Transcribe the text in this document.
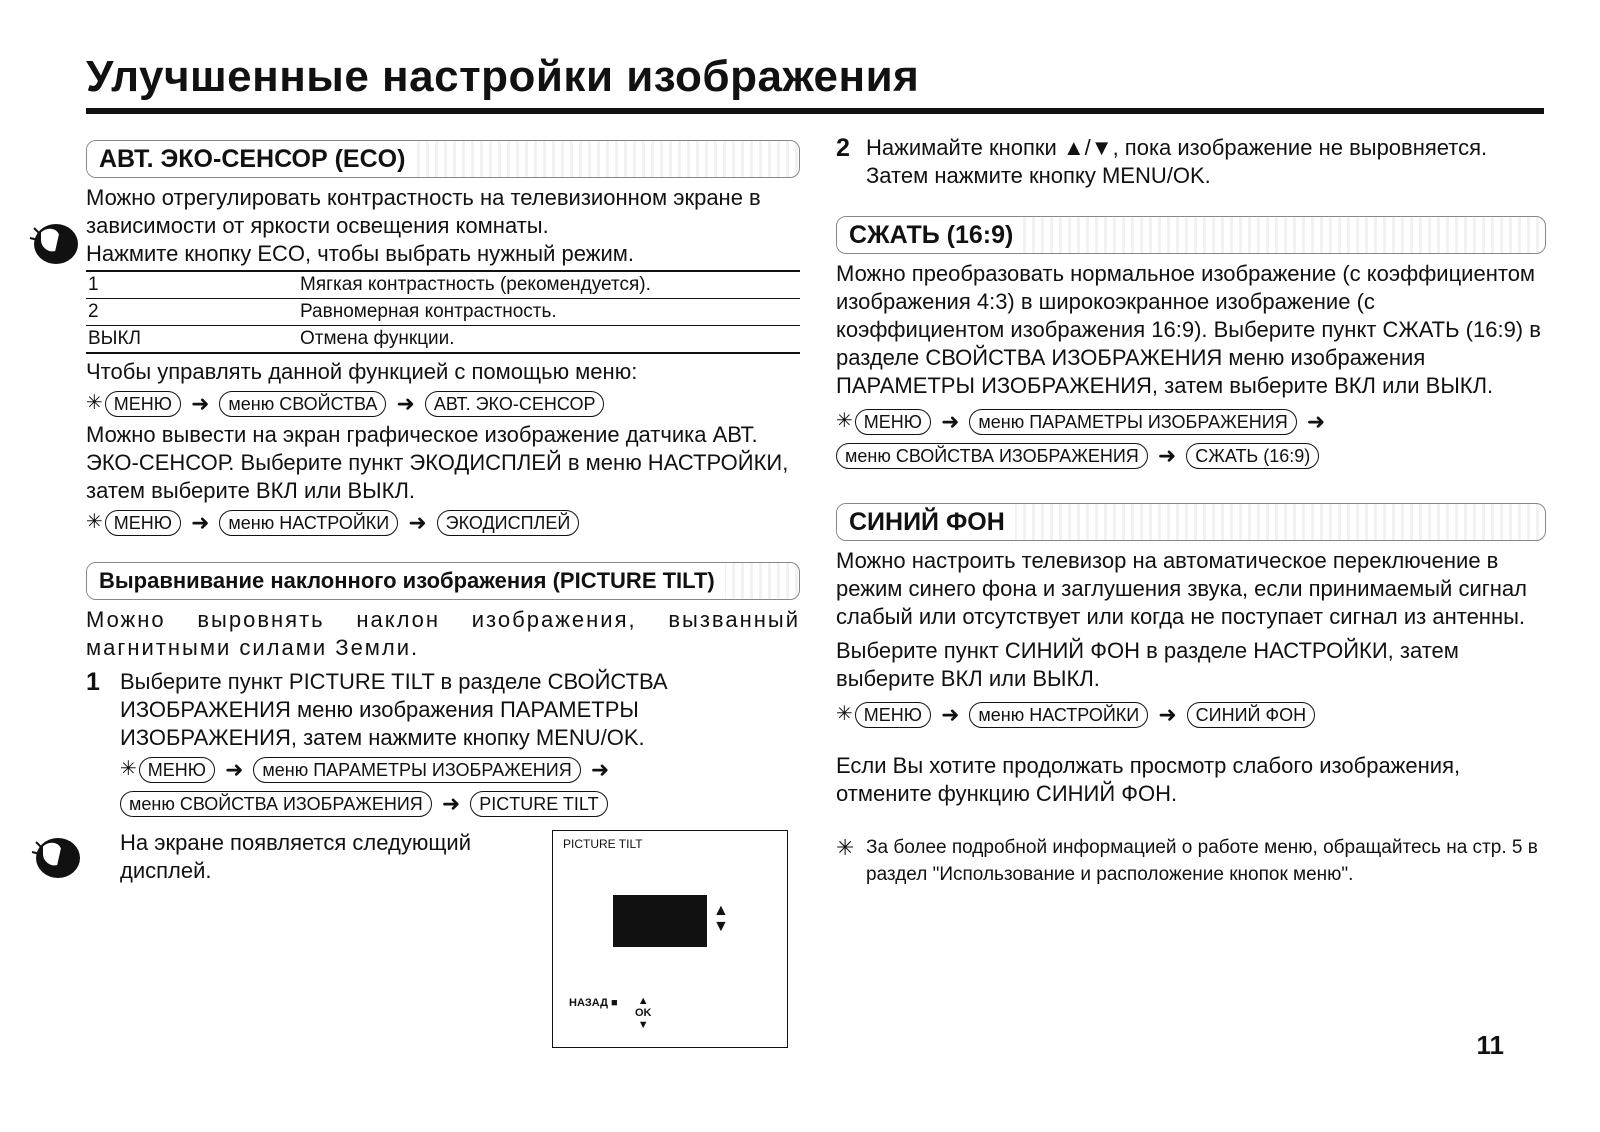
Улучшенные настройки изображения
АВТ. ЭКО-СЕНСОР (ECO)

Можно отрегулировать контрастность на телевизионном экране в зависимости от яркости освещения комнаты.

Нажмите кнопку ECO, чтобы выбрать нужный режим.

1	Мягкая контрастность (рекомендуется).
2	Равномерная контрастность.
ВЫКЛ	Отмена функции.

Чтобы управлять данной функцией с помощью меню:

✳ МЕНЮ ➜ меню СВОЙСТВА ➜ АВТ. ЭКО-СЕНСОР

Можно вывести на экран графическое изображение датчика АВТ. ЭКО-СЕНСОР. Выберите пункт ЭКОДИСПЛЕЙ в меню НАСТРОЙКИ, затем выберите ВКЛ или ВЫКЛ.

✳ МЕНЮ ➜ меню НАСТРОЙКИ ➜ ЭКОДИСПЛЕЙ
Выравнивание наклонного изображения (PICTURE TILT)

Можно выровнять наклон изображения, вызванный магнитными силами Земли.

1 Выберите пункт PICTURE TILT в разделе СВОЙСТВА ИЗОБРАЖЕНИЯ меню изображения ПАРАМЕТРЫ ИЗОБРАЖЕНИЯ, затем нажмите кнопку MENU/OK.

✳ МЕНЮ ➜ меню ПАРАМЕТРЫ ИЗОБРАЖЕНИЯ ➜
меню СВОЙСТВА ИЗОБРАЖЕНИЯ ➜ PICTURE TILT

На экране появляется следующий дисплей.

PICTURE TILT
▲
▼
НАЗАД ■ ▲
OK
▼
2 Нажимайте кнопки ▲/▼, пока изображение не выровняется. Затем нажмите кнопку MENU/OK.

СЖАТЬ (16:9)

Можно преобразовать нормальное изображение (с коэффициентом изображения 4:3) в широкоэкранное изображение (с коэффициентом изображения 16:9). Выберите пункт СЖАТЬ (16:9) в разделе СВОЙСТВА ИЗОБРАЖЕНИЯ меню изображения ПАРАМЕТРЫ ИЗОБРАЖЕНИЯ, затем выберите ВКЛ или ВЫКЛ.

✳ МЕНЮ ➜ меню ПАРАМЕТРЫ ИЗОБРАЖЕНИЯ ➜
меню СВОЙСТВА ИЗОБРАЖЕНИЯ ➜ СЖАТЬ (16:9)
СИНИЙ ФОН

Можно настроить телевизор на автоматическое переключение в режим синего фона и заглушения звука, если принимаемый сигнал слабый или отсутствует или когда не поступает сигнал из антенны.

Выберите пункт СИНИЙ ФОН в разделе НАСТРОЙКИ, затем выберите ВКЛ или ВЫКЛ.

✳ МЕНЮ ➜ меню НАСТРОЙКИ ➜ СИНИЙ ФОН

Если Вы хотите продолжать просмотр слабого изображения, отмените функцию СИНИЙ ФОН.

✳ За более подробной информацией о работе меню, обращайтесь на стр. 5 в раздел "Использование и расположение кнопок меню".
11
